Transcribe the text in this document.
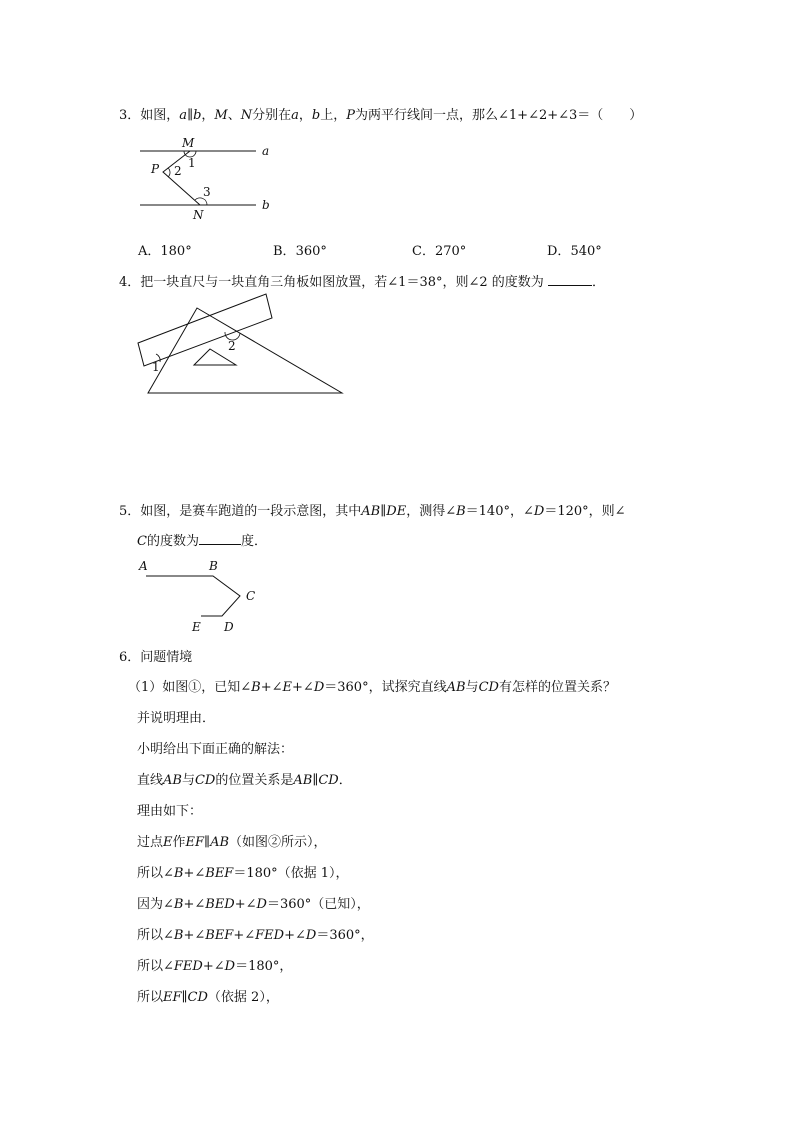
3．如图，a∥b，M、N分别在a，b上，P为两平行线间一点，那么∠1+∠2+∠3＝（　　）
a
b
M
N
P 1
2
3
A．180°	B．360°	C．270°	D．540°
4．把一块直尺与一块直角三角板如图放置，若∠1＝38°，则∠2 的度数为	．
1
2
5．如图，是赛车跑道的一段示意图，其中AB∥DE，测得∠B＝140°，∠D＝120°，则∠
C的度数为	度．
A	B
C
D
E
6．问题情境
（1）如图①，已知∠B+∠E+∠D＝360°，试探究直线AB与CD有怎样的位置关系？
并说明理由．
小明给出下面正确的解法：
直线AB与CD的位置关系是AB∥CD．
理由如下：
过点E作EF∥AB（如图②所示），
所以∠B+∠BEF＝180°（依据 1），
因为∠B+∠BED+∠D＝360°（已知），
所以∠B+∠BEF+∠FED+∠D＝360°，
所以∠FED+∠D＝180°，
所以EF∥CD（依据 2），
